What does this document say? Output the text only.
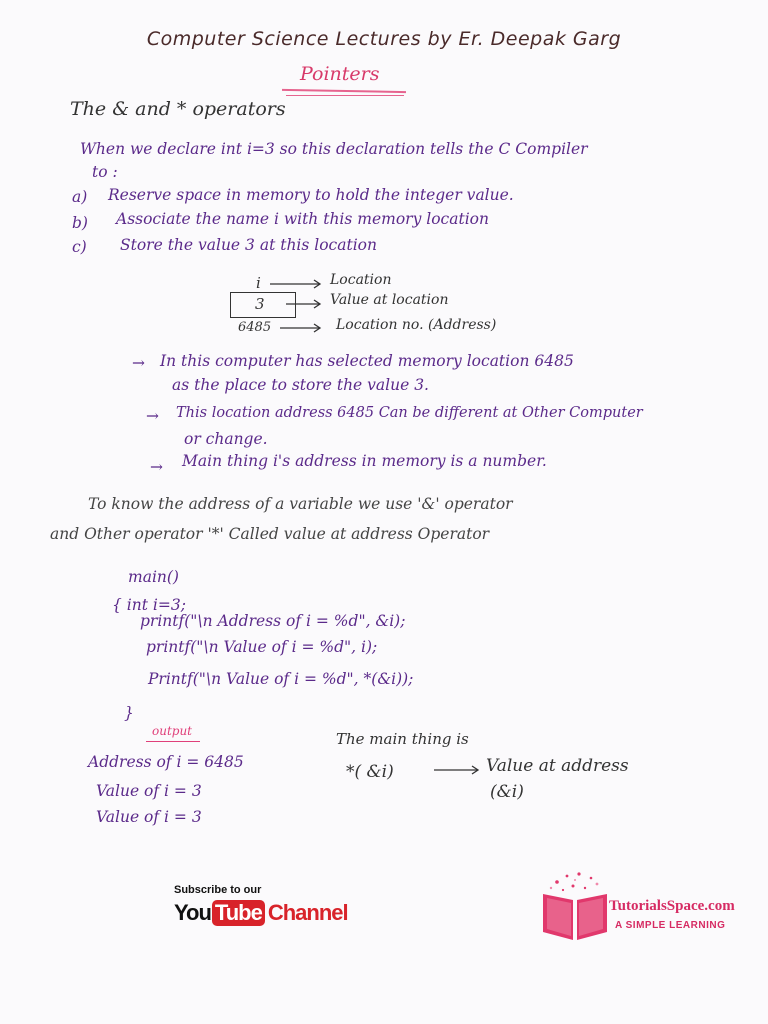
Computer Science Lectures by Er. Deepak Garg
Pointers
The & and * operators
When we declare int i=3 so this declaration tells the C Compiler
to :
a) Reserve space in memory to hold the integer value.
b) Associate the name i with this memory location
c) Store the value 3 at this location
i
3
6485
Location
Value at location
Location no. (Address)
→ In this computer has selected memory location 6485
as the place to store the value 3.
→ This location address 6485 Can be different at Other Computer
or change.
→ Main thing i's address in memory is a number.
To know the address of a variable we use '&' operator
and Other operator '*' Called value at address Operator
main()
{ int i=3;
printf("\n Address of i = %d", &i);
printf("\n Value of i = %d", i);
Printf("\n Value of i = %d", *(&i));
}
output
Address of i = 6485
Value of i = 3
Value of i = 3
The main thing is
*( &i)	Value at address
(&i)
Subscribe to our
You Tube Channel	TutorialsSpace.com
A SIMPLE LEARNING
